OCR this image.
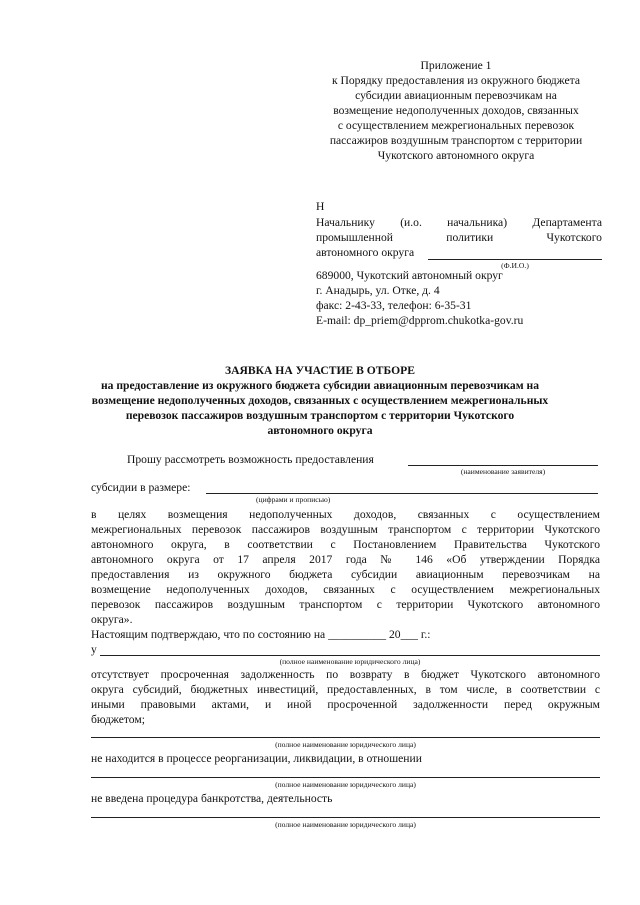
Приложение 1
к Порядку предоставления из окружного бюджета
субсидии авиационным перевозчикам на
возмещение недополученных доходов, связанных
с осуществлением межрегиональных перевозок
пассажиров воздушным транспортом с территории
Чукотского автономного округа
Н
Начальнику (и.о. начальника) Департамента
промышленной	политики	Чукотского
автономного округа
(Ф.И.О.)
689000, Чукотский автономный округ
г. Анадырь, ул. Отке, д. 4
факс: 2-43-33, телефон: 6-35-31
E-mail: dp_priem@dpprom.chukotka-gov.ru
ЗАЯВКА НА УЧАСТИЕ В ОТБОРЕ
на предоставление из окружного бюджета субсидии авиационным перевозчикам на
возмещение недополученных доходов, связанных с осуществлением межрегиональных
перевозок пассажиров воздушным транспортом с территории Чукотского
автономного округа
Прошу рассмотреть возможность предоставления
(наименование заявителя)
субсидии в размере:
(цифрами и прописью)
в целях возмещения недополученных доходов, связанных с осуществлением
межрегиональных перевозок пассажиров воздушным транспортом с территории Чукотского
автономного округа, в соответствии с Постановлением Правительства Чукотского
автономного округа от 17 апреля 2017 года № 146 «Об утверждении Порядка
предоставления из окружного бюджета субсидии авиационным перевозчикам на
возмещение недополученных доходов, связанных с осуществлением межрегиональных
перевозок пассажиров воздушным транспортом с территории Чукотского автономного
округа».
Настоящим подтверждаю, что по состоянию на __________ 20___ г.:
у
(полное наименование юридического лица)
отсутствует просроченная задолженность по возврату в бюджет Чукотского автономного
округа субсидий, бюджетных инвестиций, предоставленных, в том числе, в соответствии с
иными правовыми актами, и иной просроченной задолженности перед окружным
бюджетом;
(полное наименование юридического лица)
не находится в процессе реорганизации, ликвидации, в отношении
(полное наименование юридического лица)
не введена процедура банкротства, деятельность
(полное наименование юридического лица)
